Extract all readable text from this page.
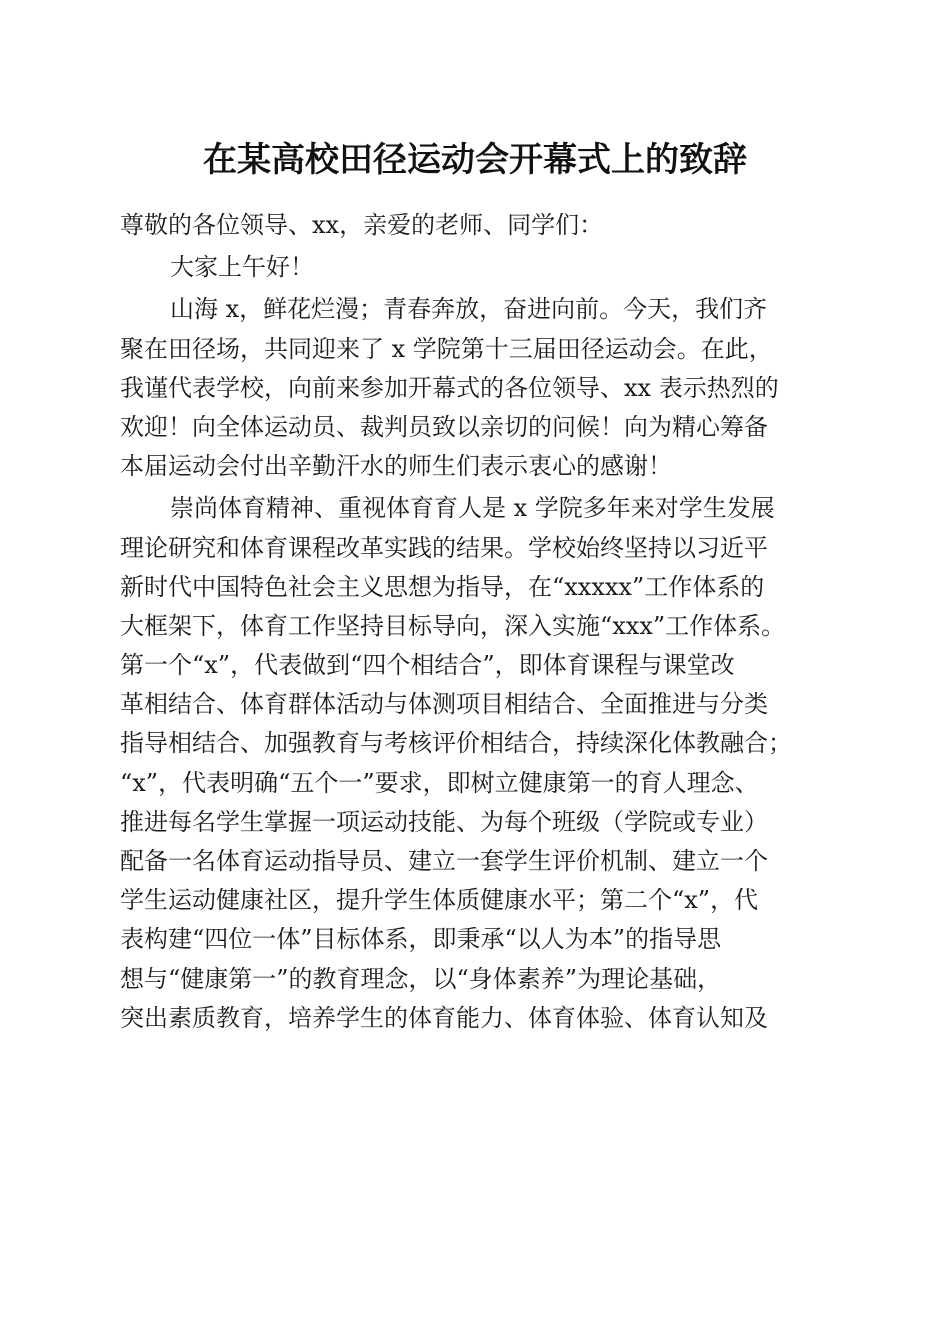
在某高校田径运动会开幕式上的致辞
尊敬的各位领导、xx，亲爱的老师、同学们：
大家上午好！
山海 x，鲜花烂漫；青春奔放，奋进向前。今天，我们齐
聚在田径场，共同迎来了 x 学院第十三届田径运动会。在此，
我谨代表学校，向前来参加开幕式的各位领导、xx 表示热烈的
欢迎！向全体运动员、裁判员致以亲切的问候！向为精心筹备
本届运动会付出辛勤汗水的师生们表示衷心的感谢！
崇尚体育精神、重视体育育人是 x 学院多年来对学生发展
理论研究和体育课程改革实践的结果。学校始终坚持以习近平
新时代中国特色社会主义思想为指导，在“xxxxx”工作体系的
大框架下，体育工作坚持目标导向，深入实施“xxx”工作体系。
第一个“x”，代表做到“四个相结合”，即体育课程与课堂改
革相结合、体育群体活动与体测项目相结合、全面推进与分类
指导相结合、加强教育与考核评价相结合，持续深化体教融合；
“x”，代表明确“五个一”要求，即树立健康第一的育人理念、
推进每名学生掌握一项运动技能、为每个班级（学院或专业）
配备一名体育运动指导员、建立一套学生评价机制、建立一个
学生运动健康社区，提升学生体质健康水平；第二个“x”，代
表构建“四位一体”目标体系，即秉承“以人为本”的指导思
想与“健康第一”的教育理念，以“身体素养”为理论基础，
突出素质教育，培养学生的体育能力、体育体验、体育认知及
